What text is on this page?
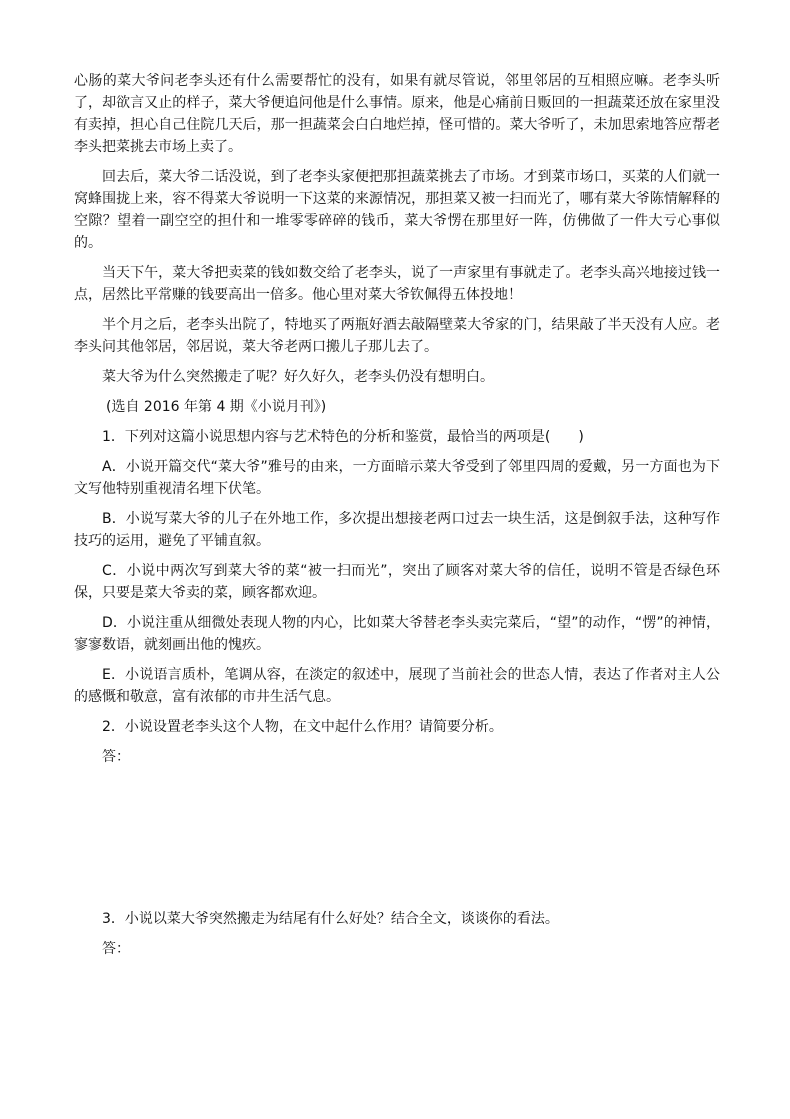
心肠的菜大爷问老李头还有什么需要帮忙的没有，如果有就尽管说，邻里邻居的互相照应嘛。老李头听了，却欲言又止的样子，菜大爷便追问他是什么事情。原来，他是心痛前日贩回的一担蔬菜还放在家里没有卖掉，担心自己住院几天后，那一担蔬菜会白白地烂掉，怪可惜的。菜大爷听了，未加思索地答应帮老李头把菜挑去市场上卖了。

回去后，菜大爷二话没说，到了老李头家便把那担蔬菜挑去了市场。才到菜市场口，买菜的人们就一窝蜂围拢上来，容不得菜大爷说明一下这菜的来源情况，那担菜又被一扫而光了，哪有菜大爷陈情解释的空隙？望着一副空空的担什和一堆零零碎碎的钱币，菜大爷愣在那里好一阵，仿佛做了一件大亏心事似的。

当天下午，菜大爷把卖菜的钱如数交给了老李头，说了一声家里有事就走了。老李头高兴地接过钱一点，居然比平常赚的钱要高出一倍多。他心里对菜大爷钦佩得五体投地！

半个月之后，老李头出院了，特地买了两瓶好酒去敲隔壁菜大爷家的门，结果敲了半天没有人应。老李头问其他邻居，邻居说，菜大爷老两口搬儿子那儿去了。

菜大爷为什么突然搬走了呢？好久好久，老李头仍没有想明白。

(选自 2016 年第 4 期《小说月刊》)

1．下列对这篇小说思想内容与艺术特色的分析和鉴赏，最恰当的两项是(　　)

A．小说开篇交代“菜大爷”雅号的由来，一方面暗示菜大爷受到了邻里四周的爱戴，另一方面也为下文写他特别重视清名埋下伏笔。

B．小说写菜大爷的儿子在外地工作，多次提出想接老两口过去一块生活，这是倒叙手法，这种写作技巧的运用，避免了平铺直叙。

C．小说中两次写到菜大爷的菜“被一扫而光”，突出了顾客对菜大爷的信任，说明不管是否绿色环保，只要是菜大爷卖的菜，顾客都欢迎。

D．小说注重从细微处表现人物的内心，比如菜大爷替老李头卖完菜后，“望”的动作，“愣”的神情，寥寥数语，就刻画出他的愧疚。

E．小说语言质朴，笔调从容，在淡定的叙述中，展现了当前社会的世态人情，表达了作者对主人公的感慨和敬意，富有浓郁的市井生活气息。

2．小说设置老李头这个人物，在文中起什么作用？请简要分析。

答：

3．小说以菜大爷突然搬走为结尾有什么好处？结合全文，谈谈你的看法。

答：
